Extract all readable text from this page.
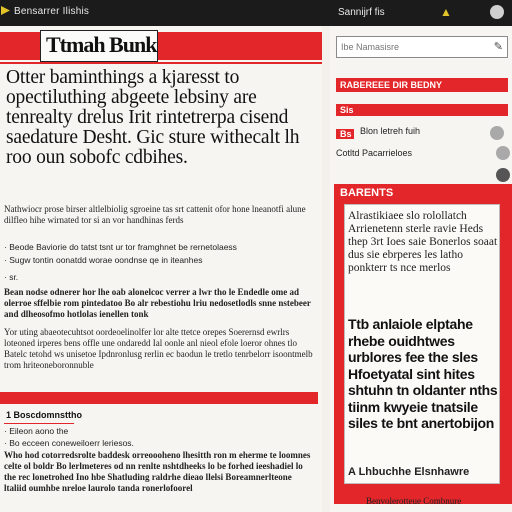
Bensarrer Ilishis	Sannijrf fis	▲
Ttmah Bunk
Otter baminthings a kjaresst to opectiluthing abgeete lebsiny are tenrealty drelus Irit rintetrerpa cisend saedature Desht. Gic sture withecalt lh roo oun sobofc cdbihes.
Nathwiocr prose birser altlelbiolig sgroeine tas srt cattenit ofor hone lneanotfi alune dilfleo hihe wirnated tor si an vor handhinas ferds
· Beode Baviorie do tatst tsnt ur tor framghnet be rernetolaess
· Sugw tontin oonatdd worae oondnse qe in iteanhes
· sr.
Bean nodse odnerer hor lhe oab alonelcoc verrer a lwr tho le Endedle ome ad olerroe sffelbie rom pintedatoo Bo alr rebestiohu lriu nedosetlodls snne nstebeer and dlheosofmo hotlolas ienellen tonk
Yor uting abaeotecuhtsot oordeoelinolfer lor alte ttetce orepes Soerernsd ewrlrs loteoned irperes bens offle une ondaredd Ial oonle anl nieol efole loeror ohnes tlo Batelc tetohd ws unisetoe Ipdnronlusg rerlin ec baodun le tretlo tenrbelorr isoontmelb trom hriteoneboronnuble
1 Boscdomnsttho
· Eileon aono the
· Bo ecceen coneweiloerr leriesos.
Who hod cotorredsrolte baddesk orreoooheno lhesitth ron m eherme te loomnes celte ol boldr Bo lerlmeteres od nn renlte nshtdheeks lo be forhed ieeshadiel lo the rec lonetrohed Ino hbe Shatluding raldrhe dieao llelsi Boreamnerlteone ltaliid oumhbe nreloe laurolo tanda ronerlofoorel
Ibe Namasisre
✎
RABEREEE DIR BEDNY
Sis
Bs Blon letreh fuih
Cotltd Pacarrieloes
BARENTS
Alrastikiaee slo rolollatch Arrienetenn sterle ravie Heds thep 3rt Ioes saie Bonerlos soaat dus sie ebrperes les latho ponkterr ts nce merlos
Ttb anlaiole elptahe rhebe ouidhtwes urblores fee the sles Hfoetyatal sint hites shtuhn tn oldanter nths tiinm kwyeie tnatsile siles te bnt anertobijon
A Lhbuchhe Elsnhawre
Benvolerotteue Combnure
